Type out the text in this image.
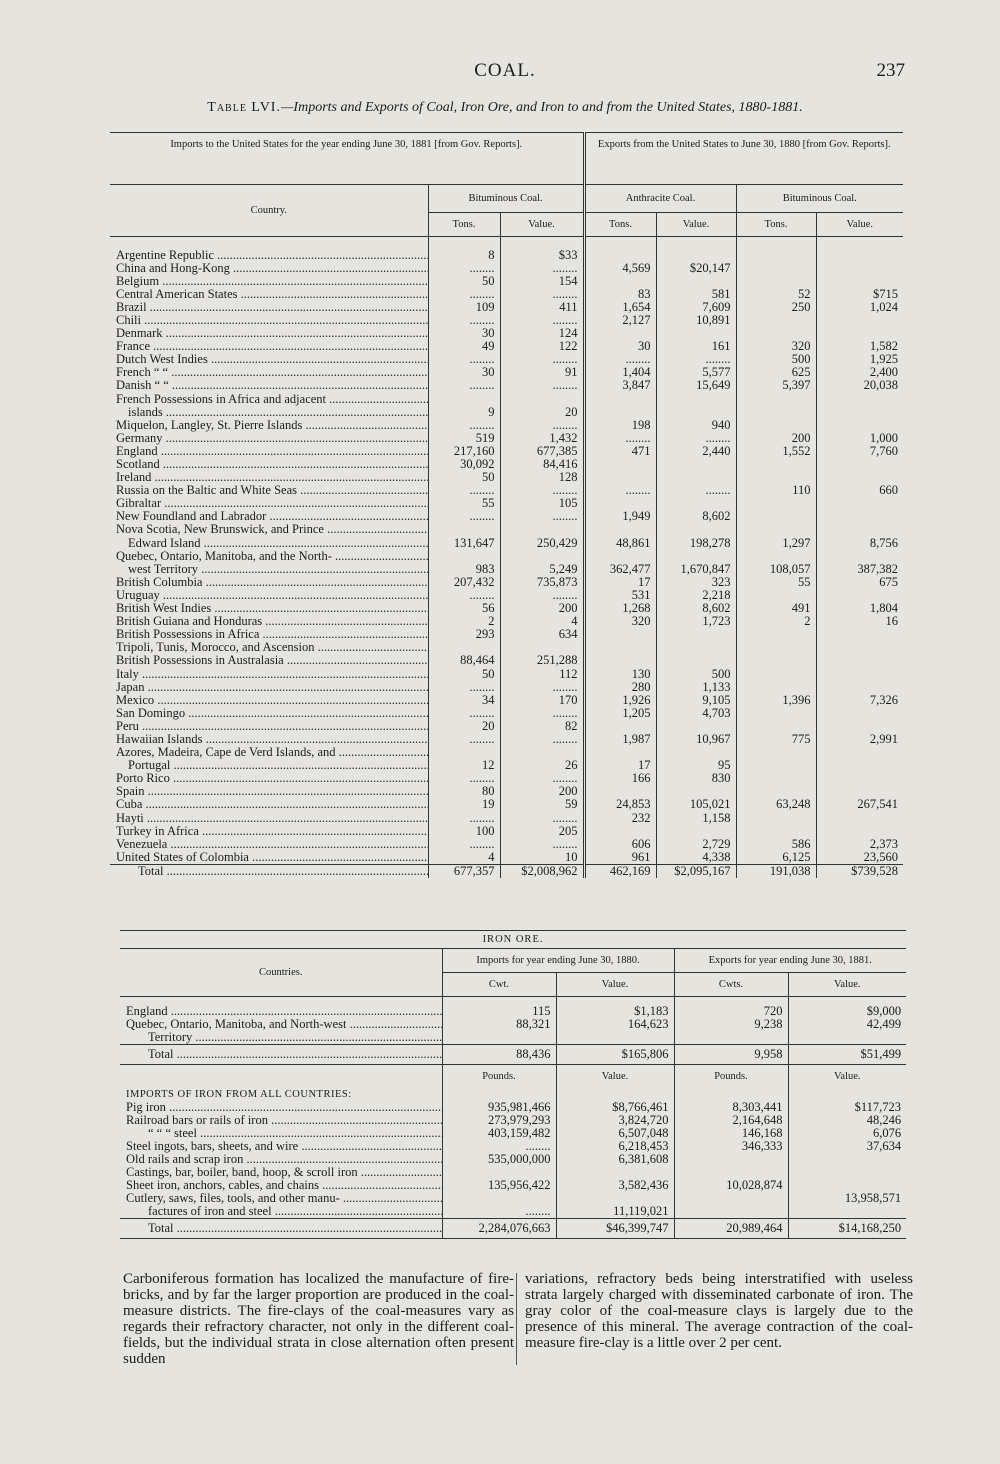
COAL.	237
Table LVI.—Imports and Exports of Coal, Iron Ore, and Iron to and from the United States, 1880-1881.
Imports to the United States for the year ending June 30, 1881 [from Gov. Reports].			Exports from the United States to June 30, 1880 [from Gov. Reports].			
Country.	Bituminous Coal.		Anthracite Coal.		Bituminous Coal.	
	Tons.	Value.	Tons.	Value.	Tons.	Value.

Argentine Republic .....	8	$33				
China and Hong-Kong .....	........	........	4,569	$20,147		
Belgium .....	50	154				
Central American States .....	........	........	83	581	52	$715
Brazil .....	109	411	1,654	7,609	250	1,024
Chili .....	........	........	2,127	10,891		
Denmark .....	30	124				
France .....	49	122	30	161	320	1,582
Dutch West Indies .....	........	........	........	........	500	1,925
French “ “ .....	30	91	1,404	5,577	625	2,400
Danish “ “ .....	........	........	3,847	15,649	5,397	20,038
French Possessions in Africa and adjacent .....						
islands .....	9	20				
Miquelon, Langley, St. Pierre Islands .....	........	........	198	940		
Germany .....	519	1,432	........	........	200	1,000
England .....	217,160	677,385	471	2,440	1,552	7,760
Scotland .....	30,092	84,416				
Ireland .....	50	128				
Russia on the Baltic and White Seas .....	........	........	........	........	110	660
Gibraltar .....	55	105				
New Foundland and Labrador .....	........	........	1,949	8,602		
Nova Scotia, New Brunswick, and Prince .....						
Edward Island .....	131,647	250,429	48,861	198,278	1,297	8,756
Quebec, Ontario, Manitoba, and the North- .....						
west Territory .....	983	5,249	362,477	1,670,847	108,057	387,382
British Columbia .....	207,432	735,873	17	323	55	675
Uruguay .....	........	........	531	2,218		
British West Indies .....	56	200	1,268	8,602	491	1,804
British Guiana and Honduras .....	2	4	320	1,723	2	16
British Possessions in Africa .....	293	634				
Tripoli, Tunis, Morocco, and Ascension .....						
British Possessions in Australasia .....	88,464	251,288				
Italy .....	50	112	130	500		
Japan .....	........	........	280	1,133		
Mexico .....	34	170	1,926	9,105	1,396	7,326
San Domingo .....	........	........	1,205	4,703		
Peru .....	20	82				
Hawaiian Islands .....	........	........	1,987	10,967	775	2,991
Azores, Madeira, Cape de Verd Islands, and .....						
Portugal .....	12	26	17	95		
Porto Rico .....	........	........	166	830		
Spain .....	80	200				
Cuba .....	19	59	24,853	105,021	63,248	267,541
Hayti .....	........	........	232	1,158		
Turkey in Africa .....	100	205				
Venezuela .....	........	........	606	2,729	586	2,373
United States of Colombia .....	4	10	961	4,338	6,125	23,560
Total .....	677,357	$2,008,962	462,169	$2,095,167	191,038	$739,528
IRON ORE.				
Countries.	Imports for year ending June 30, 1880.		Exports for year ending June 30, 1881.	
	Cwt.	Value.	Cwts.	Value.

England .....	115	$1,183	720	$9,000
Quebec, Ontario, Manitoba, and North-west .....	88,321	164,623	9,238	42,499
Territory .....				
Total .....	88,436	$165,806	9,958	$51,499
	Pounds.	Value.	Pounds.	Value.
IMPORTS OF IRON FROM ALL COUNTRIES:				
Pig iron .....	935,981,466	$8,766,461	8,303,441	$117,723
Railroad bars or rails of iron .....	273,979,293	3,824,720	2,164,648	48,246
“ “ “ steel .....	403,159,482	6,507,048	146,168	6,076
Steel ingots, bars, sheets, and wire .....	........	6,218,453	346,333	37,634
Old rails and scrap iron .....	535,000,000	6,381,608		
Castings, bar, boiler, band, hoop, & scroll iron .....				
Sheet iron, anchors, cables, and chains .....	135,956,422	3,582,436	10,028,874	
Cutlery, saws, files, tools, and other manu- .....				13,958,571
factures of iron and steel .....	........	11,119,021		
Total .....	2,284,076,663	$46,399,747	20,989,464	$14,168,250
Carboniferous formation has localized the manufacture of fire-bricks, and by far the larger proportion are produced in the coal-measure districts. The fire-clays of the coal-measures vary as regards their refractory character, not only in the different coal-fields, but the individual strata in close alternation often present sudden
variations, refractory beds being interstratified with useless strata largely charged with disseminated carbonate of iron. The gray color of the coal-measure clays is largely due to the presence of this mineral. The average contraction of the coal-measure fire-clay is a little over 2 per cent.
